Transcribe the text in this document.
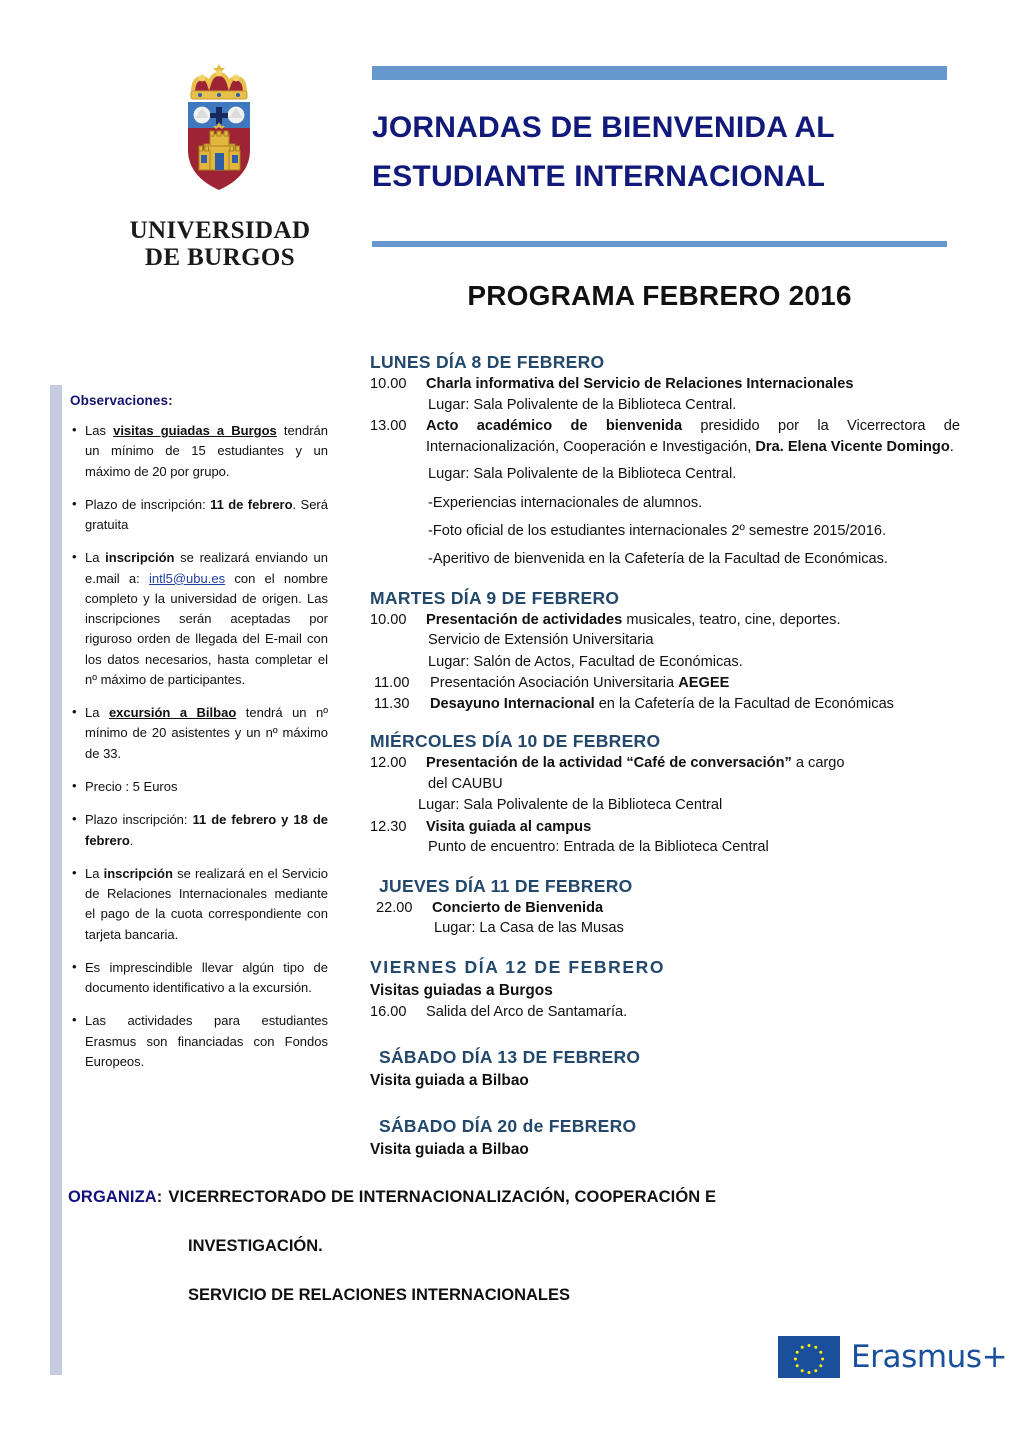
UNIVERSIDAD
DE BURGOS
JORNADAS DE BIENVENIDA AL
ESTUDIANTE INTERNACIONAL
PROGRAMA FEBRERO 2016
Observaciones:
• Las visitas guiadas a Burgos tendrán un mínimo de 15 estudiantes y un máximo de 20 por grupo.
• Plazo de inscripción: 11 de febrero. Será gratuita
• La inscripción se realizará enviando un e.mail a: intl5@ubu.es con el nombre completo y la universidad de origen. Las inscripciones serán aceptadas por riguroso orden de llegada del E-mail con los datos necesarios, hasta completar el nº máximo de participantes.
• La excursión a Bilbao tendrá un nº mínimo de 20 asistentes y un nº máximo de 33.
• Precio : 5 Euros
• Plazo inscripción: 11 de febrero y 18 de febrero.
• La inscripción se realizará en el Servicio de Relaciones Internacionales mediante el pago de la cuota correspondiente con tarjeta bancaria.
• Es imprescindible llevar algún tipo de documento identificativo a la excursión.
• Las actividades para estudiantes Erasmus son financiadas con Fondos Europeos.
LUNES DÍA 8 DE FEBRERO
10.00	Charla informativa del Servicio de Relaciones Internacionales
Lugar: Sala Polivalente de la Biblioteca Central.
13.00	Acto académico de bienvenida presidido por la Vicerrectora de Internacionalización, Cooperación e Investigación, Dra. Elena Vicente Domingo.
Lugar: Sala Polivalente de la Biblioteca Central.
-Experiencias internacionales de alumnos.
-Foto oficial de los estudiantes internacionales 2º semestre 2015/2016.
-Aperitivo de bienvenida en la Cafetería de la Facultad de Económicas.
MARTES DÍA 9 DE FEBRERO
10.00	Presentación de actividades musicales, teatro, cine, deportes.
Servicio de Extensión Universitaria
Lugar: Salón de Actos, Facultad de Económicas.
11.00	Presentación Asociación Universitaria AEGEE
11.30	Desayuno Internacional en la Cafetería de la Facultad de Económicas
MIÉRCOLES DÍA 10 DE FEBRERO
12.00	Presentación de la actividad “Café de conversación” a cargo
del CAUBU
Lugar: Sala Polivalente de la Biblioteca Central
12.30	Visita guiada al campus
Punto de encuentro: Entrada de la Biblioteca Central
JUEVES DÍA 11 DE FEBRERO
22.00	Concierto de Bienvenida
Lugar: La Casa de las Musas
VIERNES DÍA 12 DE FEBRERO
Visitas guiadas a Burgos
16.00	Salida del Arco de Santamaría.
SÁBADO DÍA 13 DE FEBRERO
Visita guiada a Bilbao
SÁBADO DÍA 20 de FEBRERO
Visita guiada a Bilbao
ORGANIZA: VICERRECTORADO DE INTERNACIONALIZACIÓN, COOPERACIÓN E
INVESTIGACIÓN.
SERVICIO DE RELACIONES INTERNACIONALES
Erasmus+
